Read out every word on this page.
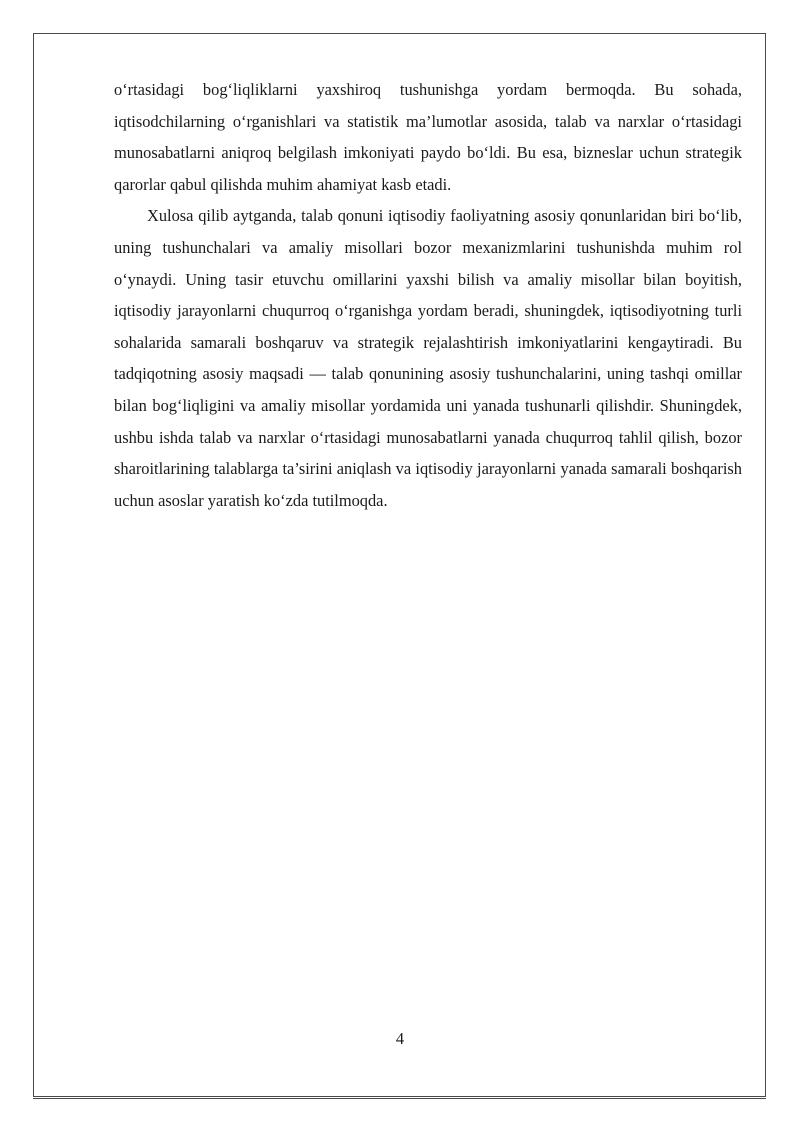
o‘rtasidagi bog‘liqliklarni yaxshiroq tushunishga yordam bermoqda. Bu sohada, iqtisodchilarning o‘rganishlari va statistik ma’lumotlar asosida, talab va narxlar o‘rtasidagi munosabatlarni aniqroq belgilash imkoniyati paydo bo‘ldi. Bu esa, bizneslar uchun strategik qarorlar qabul qilishda muhim ahamiyat kasb etadi.

Xulosa qilib aytganda, talab qonuni iqtisodiy faoliyatning asosiy qonunlaridan biri bo‘lib, uning tushunchalari va amaliy misollari bozor mexanizmlarini tushunishda muhim rol o‘ynaydi. Uning tasir etuvchu omillarini yaxshi bilish va amaliy misollar bilan boyitish, iqtisodiy jarayonlarni chuqurroq o‘rganishga yordam beradi, shuningdek, iqtisodiyotning turli sohalarida samarali boshqaruv va strategik rejalashtirish imkoniyatlarini kengaytiradi. Bu tadqiqotning asosiy maqsadi — talab qonunining asosiy tushunchalarini, uning tashqi omillar bilan bog‘liqligini va amaliy misollar yordamida uni yanada tushunarli qilishdir. Shuningdek, ushbu ishda talab va narxlar o‘rtasidagi munosabatlarni yanada chuqurroq tahlil qilish, bozor sharoitlarining talablarga ta’sirini aniqlash va iqtisodiy jarayonlarni yanada samarali boshqarish uchun asoslar yaratish ko‘zda tutilmoqda.

4
